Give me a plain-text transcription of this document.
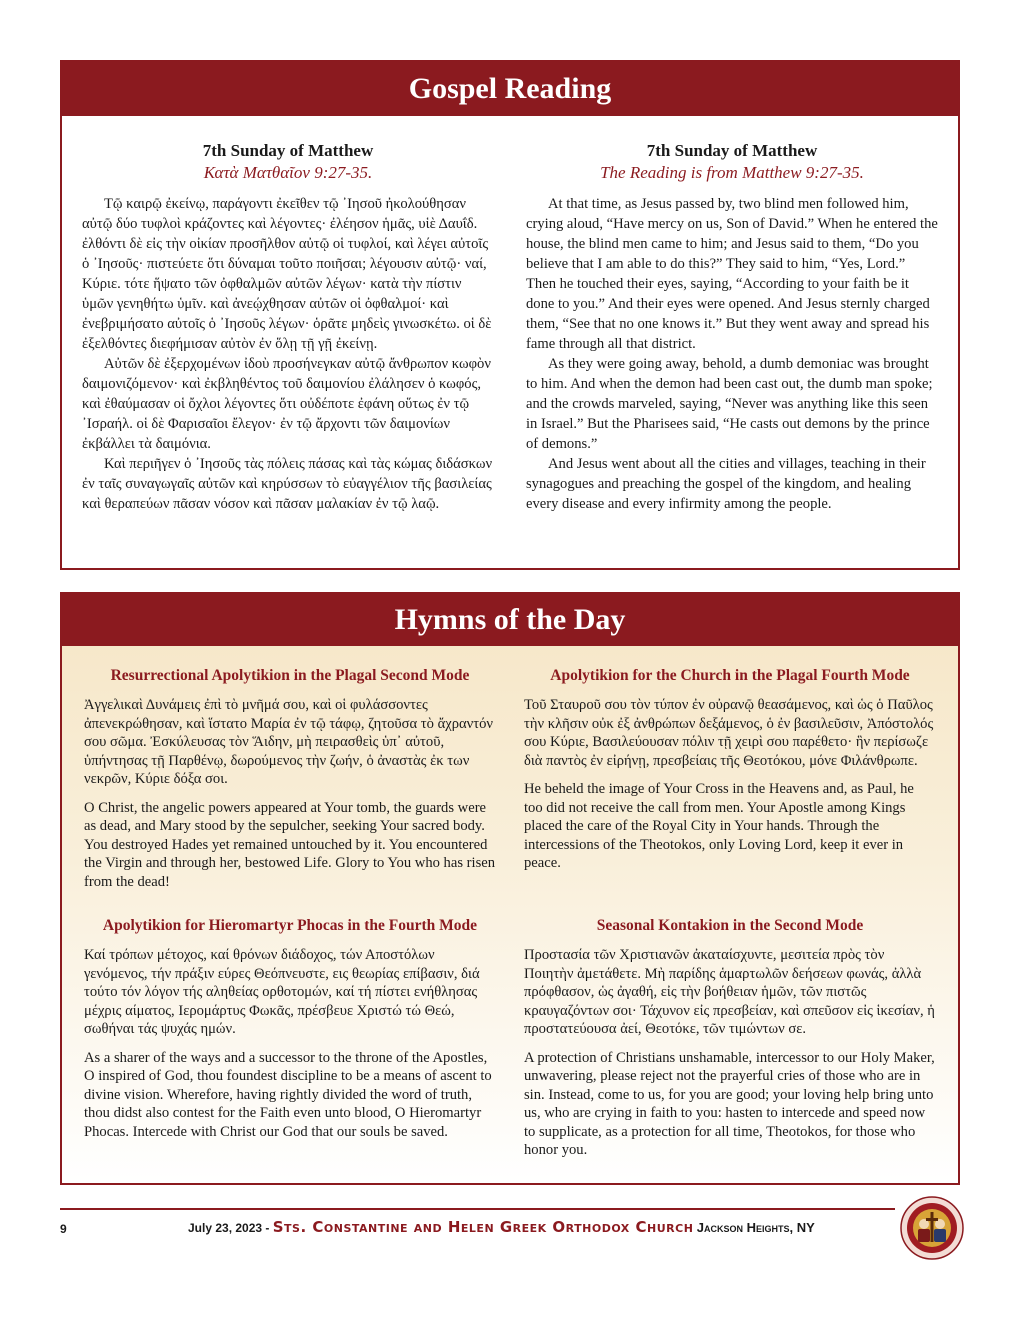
Gospel Reading
7th Sunday of Matthew
Κατὰ Ματθαῖον 9:27-35.

Τῷ καιρῷ ἐκείνῳ, παράγοντι ἐκεῖθεν τῷ ᾿Ιησοῦ ἠκολούθησαν αὐτῷ δύο τυφλοὶ κράζοντες καὶ λέγοντες· ἐλέησον ἡμᾶς, υἱὲ Δαυΐδ. ἐλθόντι δὲ εἰς τὴν οἰκίαν προσῆλθον αὐτῷ οἱ τυφλοί, καὶ λέγει αὐτοῖς ὁ ᾿Ιησοῦς· πιστεύετε ὅτι δύναμαι τοῦτο ποιῆσαι; λέγουσιν αὐτῷ· ναί, Κύριε. τότε ἥψατο τῶν ὀφθαλμῶν αὐτῶν λέγων· κατὰ τὴν πίστιν ὑμῶν γενηθήτω ὑμῖν. καὶ ἀνεῴχθησαν αὐτῶν οἱ ὀφθαλμοί· καὶ ἐνεβριμήσατο αὐτοῖς ὁ ᾿Ιησοῦς λέγων· ὁρᾶτε μηδεὶς γινωσκέτω. οἱ δὲ ἐξελθόντες διεφήμισαν αὐτὸν ἐν ὅλῃ τῇ γῇ ἐκείνῃ.

Αὐτῶν δὲ ἐξερχομένων ἰδοὺ προσήνεγκαν αὐτῷ ἄνθρωπον κωφὸν δαιμονιζόμενον· καὶ ἐκβληθέντος τοῦ δαιμονίου ἐλάλησεν ὁ κωφός, καὶ ἐθαύμασαν οἱ ὄχλοι λέγοντες ὅτι οὐδέποτε ἐφάνη οὕτως ἐν τῷ ᾿Ισραήλ. οἱ δὲ Φαρισαῖοι ἔλεγον· ἐν τῷ ἄρχοντι τῶν δαιμονίων ἐκβάλλει τὰ δαιμόνια.

Καὶ περιῆγεν ὁ ᾿Ιησοῦς τὰς πόλεις πάσας καὶ τὰς κώμας διδάσκων ἐν ταῖς συναγωγαῖς αὐτῶν καὶ κηρύσσων τὸ εὐαγγέλιον τῆς βασιλείας καὶ θεραπεύων πᾶσαν νόσον καὶ πᾶσαν μαλακίαν ἐν τῷ λαῷ.

7th Sunday of Matthew
The Reading is from Matthew 9:27-35.

At that time, as Jesus passed by, two blind men followed him, crying aloud, “Have mercy on us, Son of David.” When he entered the house, the blind men came to him; and Jesus said to them, “Do you believe that I am able to do this?” They said to him, “Yes, Lord.” Then he touched their eyes, saying, “According to your faith be it done to you.” And their eyes were opened. And Jesus sternly charged them, “See that no one knows it.” But they went away and spread his fame through all that district.

As they were going away, behold, a dumb demoniac was brought to him. And when the demon had been cast out, the dumb man spoke; and the crowds marveled, saying, “Never was anything like this seen in Israel.” But the Pharisees said, “He casts out demons by the prince of demons.”

And Jesus went about all the cities and villages, teaching in their synagogues and preaching the gospel of the kingdom, and healing every disease and every infirmity among the people.

Hymns of the Day
Resurrectional Apolytikion in the Plagal Second Mode

Ἀγγελικαὶ Δυνάμεις ἐπὶ τὸ μνῆμά σου, καὶ οἱ φυλάσσοντες ἀπενεκρώθησαν, καὶ ἵστατο Μαρία ἐν τῷ τάφῳ, ζητοῦσα τὸ ἄχραντόν σου σῶμα. Ἐσκύλευσας τὸν Ἅιδην, μὴ πειρασθεὶς ὑπ᾽ αὐτοῦ, ὑπήντησας τῇ Παρθένῳ, δωρούμενος τὴν ζωήν, ὁ ἀναστὰς ἐκ των νεκρῶν, Κύριε δόξα σοι.

O Christ, the angelic powers appeared at Your tomb, the guards were as dead, and Mary stood by the sepulcher, seeking Your sacred body. You destroyed Hades yet remained untouched by it. You encountered the Virgin and through her, bestowed Life. Glory to You who has risen from the dead!

Apolytikion for the Church in the Plagal Fourth Mode

Τοῦ Σταυροῦ σου τὸν τύπον ἐν οὐρανῷ θεασάμενος, καὶ ὡς ὁ Παῦλος τὴν κλῆσιν οὐκ ἐξ ἀνθρώπων δεξάμενος, ὁ ἐν βασιλεῦσιν, Ἀπόστολός σου Κύριε, Βασιλεύουσαν πόλιν τῇ χειρὶ σου παρέθετο· ἣν περίσωζε διὰ παντὸς ἐν εἰρήνῃ, πρεσβείαις τῆς Θεοτόκου, μόνε Φιλάνθρωπε.

He beheld the image of Your Cross in the Heavens and, as Paul, he too did not receive the call from men. Your Apostle among Kings placed the care of the Royal City in Your hands. Through the intercessions of the Theotokos, only Loving Lord, keep it ever in peace.

Apolytikion for Hieromartyr Phocas in the Fourth Mode

Καί τρόπων μέτοχος, καί θρόνων διάδοχος, τών Αποστόλων γενόμενος, τήν πράξιν εύρες Θεόπνευστε, εις θεωρίας επίβασιν, διά τούτο τόν λόγον τής αληθείας ορθοτομών, καί τή πίστει ενήθλησας μέχρις αίματος, Ιερομάρτυς Φωκᾶς, πρέσβευε Χριστώ τώ Θεώ, σωθήναι τάς ψυχάς ημών.

As a sharer of the ways and a successor to the throne of the Apostles, O inspired of God, thou foundest discipline to be a means of ascent to divine vision. Wherefore, having rightly divided the word of truth, thou didst also contest for the Faith even unto blood, O Hieromartyr Phocas. Intercede with Christ our God that our souls be saved.

Seasonal Kontakion in the Second Mode

Προστασία τῶν Χριστιανῶν ἀκαταίσχυντε, μεσιτεία πρὸς τὸν Ποιητὴν ἀμετάθετε. Μὴ παρίδης ἁμαρτωλῶν δεήσεων φωνάς, ἀλλὰ πρόφθασον, ὡς ἀγαθή, εἰς τὴν βοήθειαν ἡμῶν, τῶν πιστῶς κραυγαζόντων σοι· Τάχυνον εἰς πρεσβείαν, καὶ σπεῦσον εἰς ἱκεσίαν, ἡ προστατεύουσα ἀεί, Θεοτόκε, τῶν τιμώντων σε.

A protection of Christians unshamable, intercessor to our Holy Maker, unwavering, please reject not the prayerful cries of those who are in sin. Instead, come to us, for you are good; your loving help bring unto us, who are crying in faith to you: hasten to intercede and speed now to supplicate, as a protection for all time, Theotokos, for those who honor you.

9	July 23, 2023 - Sts. Constantine and Helen Greek Orthodox Church Jackson Heights, NY
